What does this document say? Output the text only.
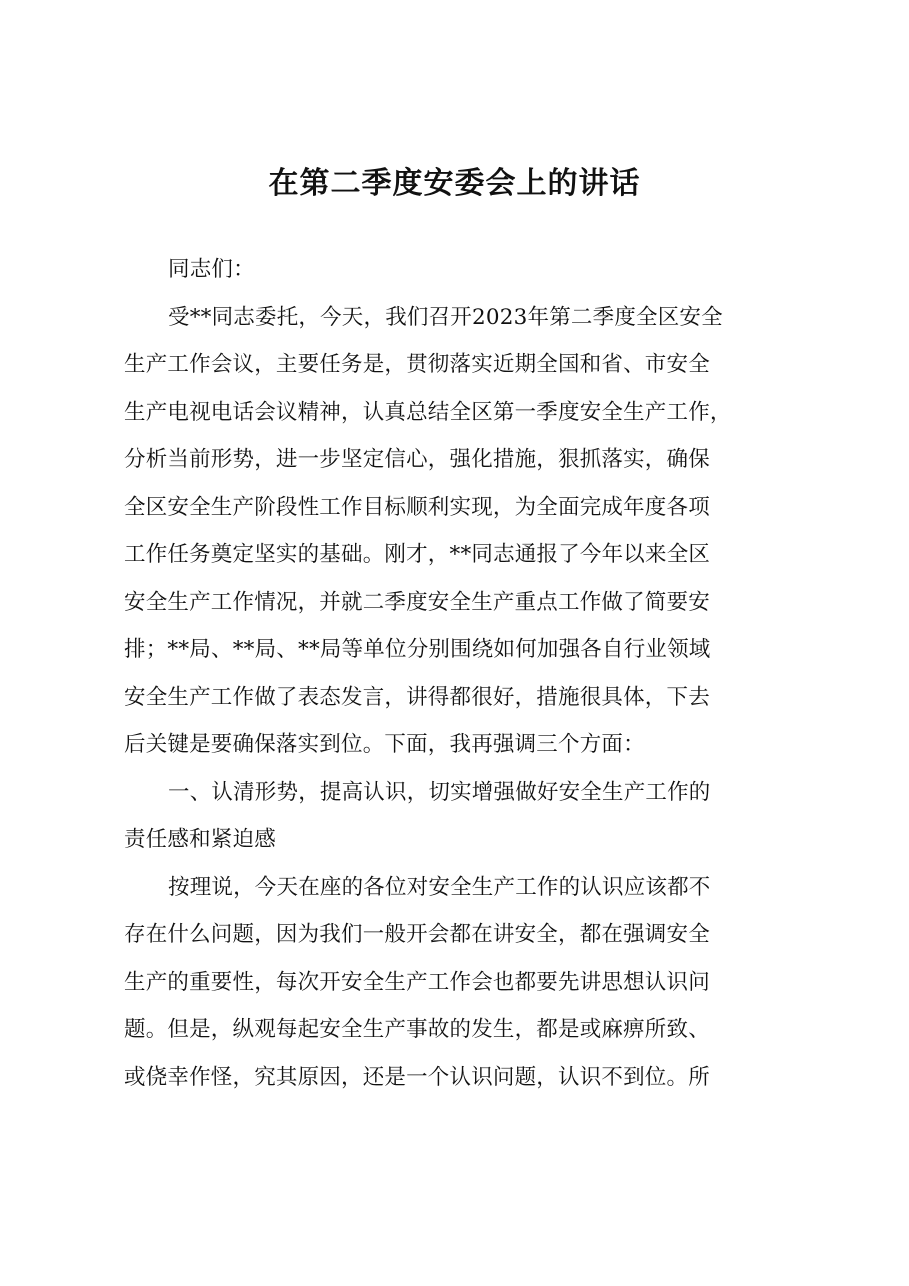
在第二季度安委会上的讲话
同志们：
受**同志委托，今天，我们召开2023年第二季度全区安全
生产工作会议，主要任务是，贯彻落实近期全国和省、市安全
生产电视电话会议精神，认真总结全区第一季度安全生产工作，
分析当前形势，进一步坚定信心，强化措施，狠抓落实，确保
全区安全生产阶段性工作目标顺利实现，为全面完成年度各项
工作任务奠定坚实的基础。刚才，**同志通报了今年以来全区
安全生产工作情况，并就二季度安全生产重点工作做了简要安
排；**局、**局、**局等单位分别围绕如何加强各自行业领域
安全生产工作做了表态发言，讲得都很好，措施很具体，下去
后关键是要确保落实到位。下面，我再强调三个方面：
一、认清形势，提高认识，切实增强做好安全生产工作的
责任感和紧迫感
按理说，今天在座的各位对安全生产工作的认识应该都不
存在什么问题，因为我们一般开会都在讲安全，都在强调安全
生产的重要性，每次开安全生产工作会也都要先讲思想认识问
题。但是，纵观每起安全生产事故的发生，都是或麻痹所致、
或侥幸作怪，究其原因，还是一个认识问题，认识不到位。所
